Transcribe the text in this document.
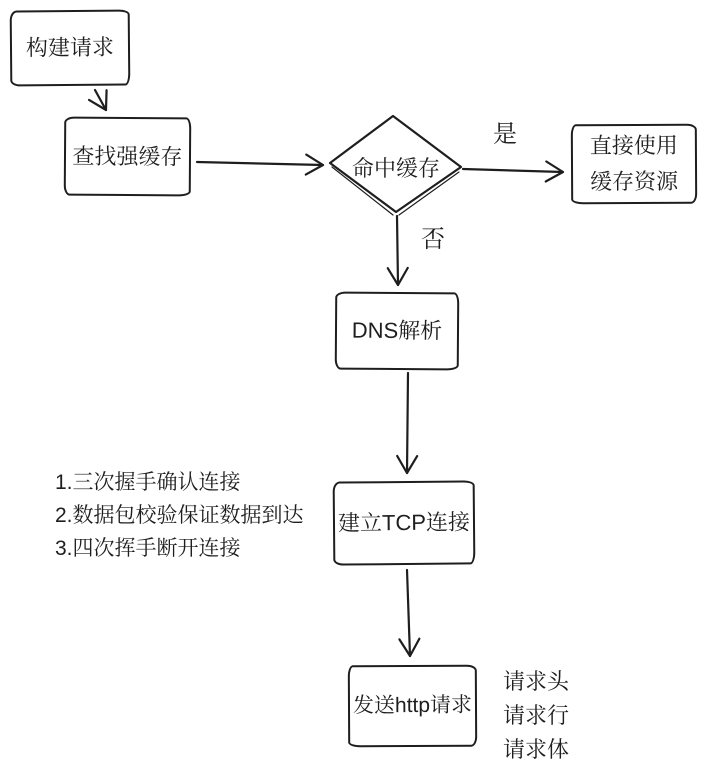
构建请求
查找强缓存	命中缓存
是
否
直接使用
缓存资源
DNS解析
建立TCP连接
1.三次握手确认连接
2.数据包校验保证数据到达
3.四次挥手断开连接
发送http请求
请求头
请求行
请求体
